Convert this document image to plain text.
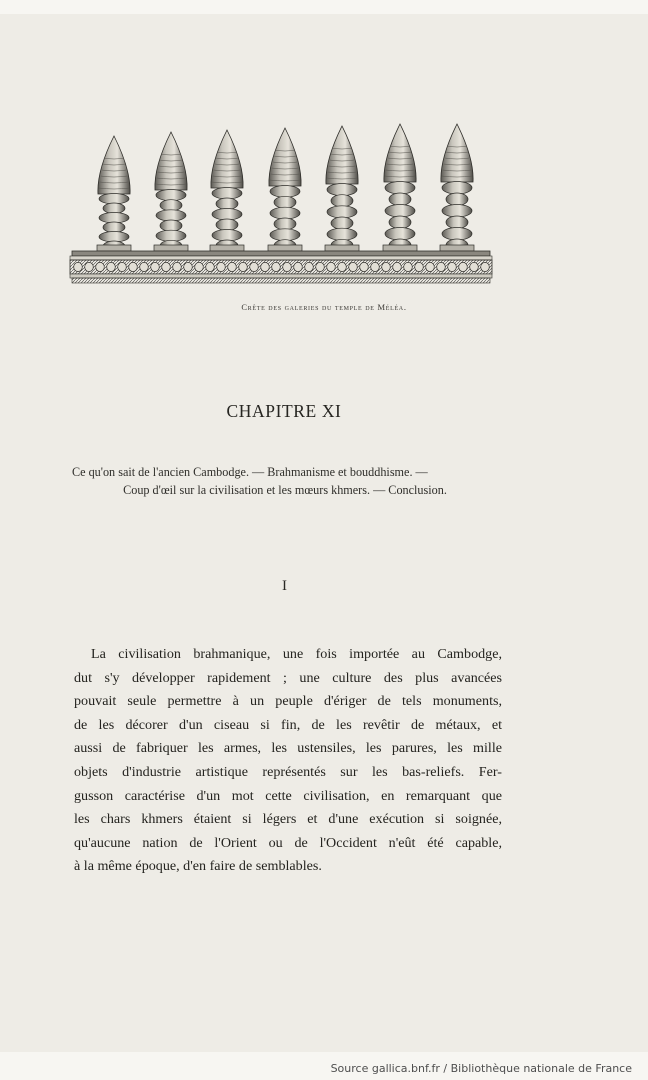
Crête des galeries du temple de Méléa.
CHAPITRE XI
Ce qu'on sait de l'ancien Cambodge. — Brahmanisme et bouddhisme. —
Coup d'œil sur la civilisation et les mœurs khmers. — Conclusion.
I
La civilisation brahmanique, une fois importée au Cambodge,
dut s'y développer rapidement ; une culture des plus avancées
pouvait seule permettre à un peuple d'ériger de tels monuments,
de les décorer d'un ciseau si fin, de les revêtir de métaux, et
aussi de fabriquer les armes, les ustensiles, les parures, les mille
objets d'industrie artistique représentés sur les bas-reliefs. Fer-
gusson caractérise d'un mot cette civilisation, en remarquant que
les chars khmers étaient si légers et d'une exécution si soignée,
qu'aucune nation de l'Orient ou de l'Occident n'eût été capable,
à la même époque, d'en faire de semblables.
Source gallica.bnf.fr / Bibliothèque nationale de France
